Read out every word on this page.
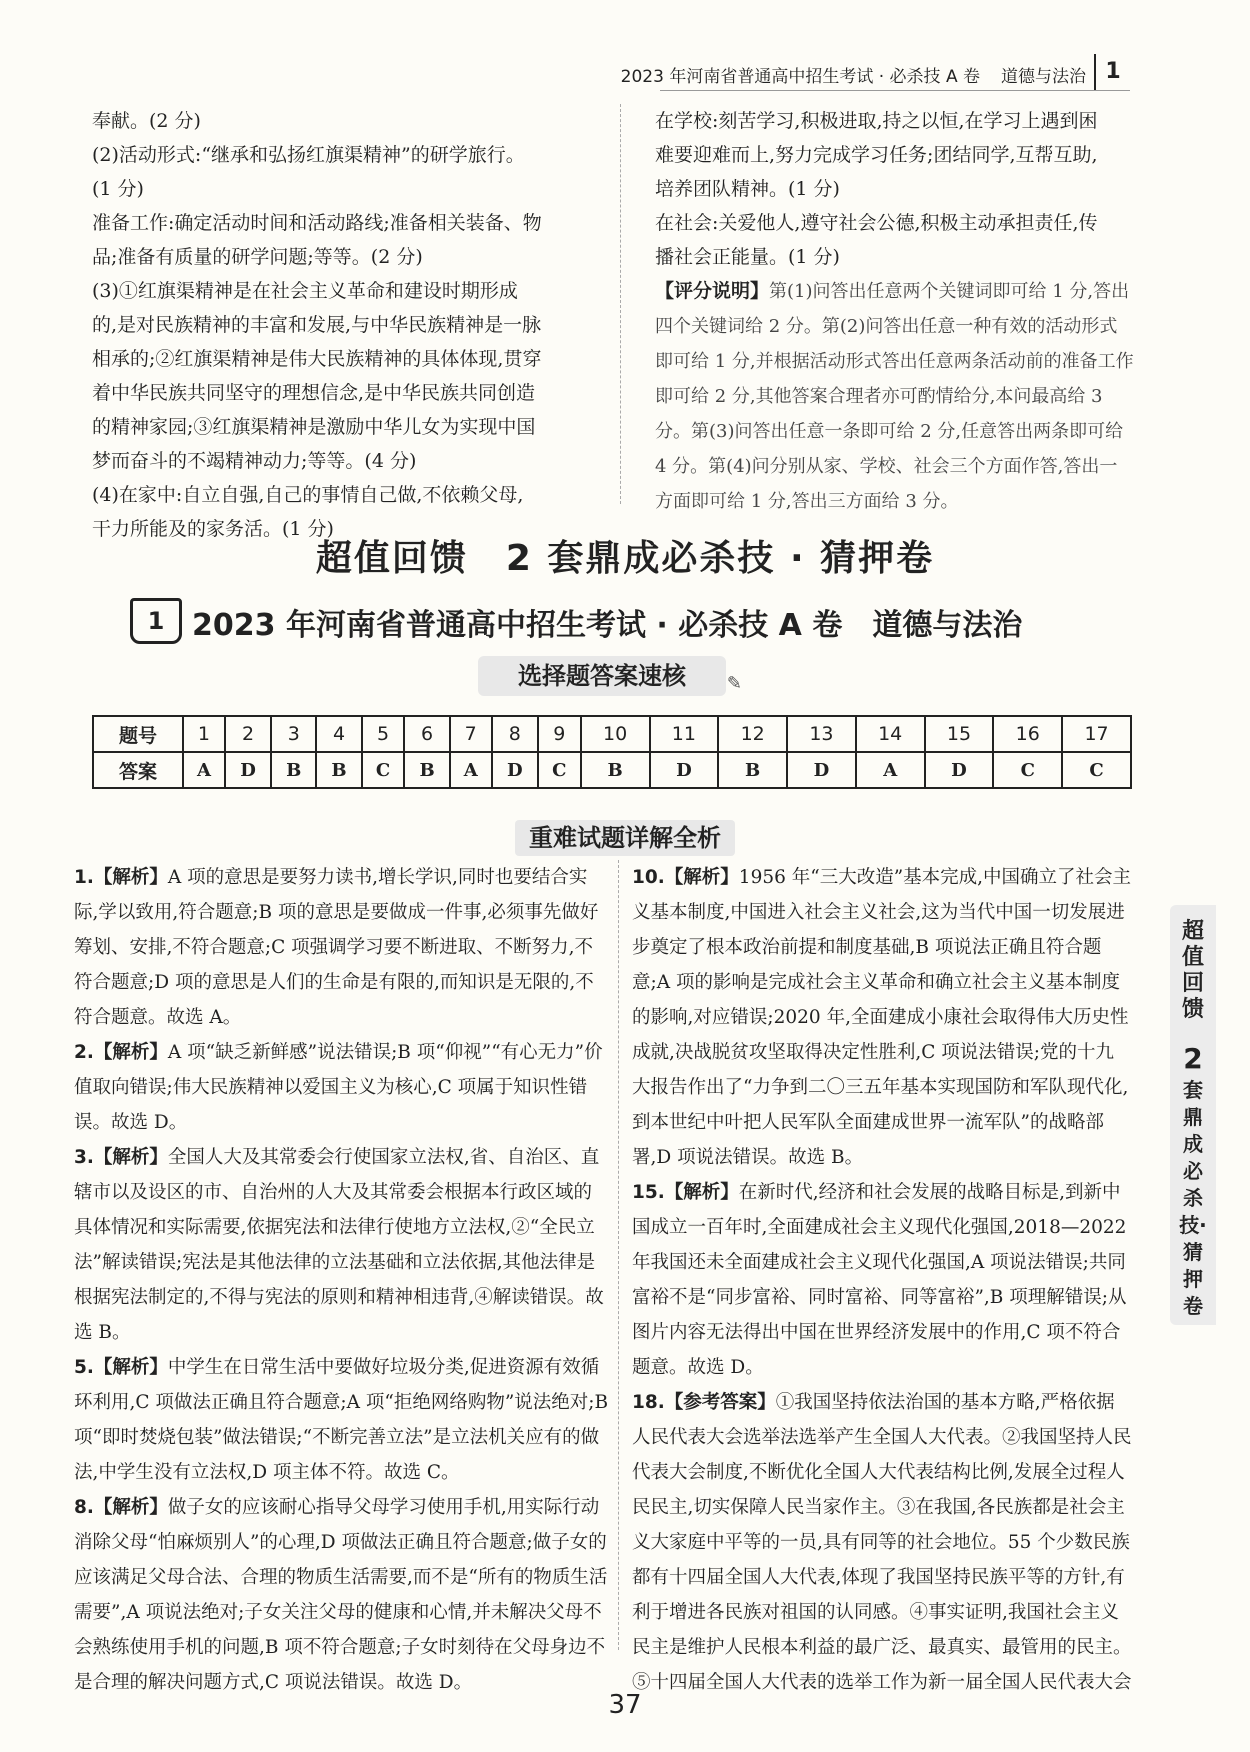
2023 年河南省普通高中招生考试 · 必杀技 A 卷 道德与法治 1

奉献。(2 分)

(2)活动形式:“继承和弘扬红旗渠精神”的研学旅行。

(1 分)

准备工作:确定活动时间和活动路线;准备相关装备、物

品;准备有质量的研学问题;等等。(2 分)

(3)①红旗渠精神是在社会主义革命和建设时期形成

的,是对民族精神的丰富和发展,与中华民族精神是一脉

相承的;②红旗渠精神是伟大民族精神的具体体现,贯穿

着中华民族共同坚守的理想信念,是中华民族共同创造

的精神家园;③红旗渠精神是激励中华儿女为实现中国

梦而奋斗的不竭精神动力;等等。(4 分)

(4)在家中:自立自强,自己的事情自己做,不依赖父母,

干力所能及的家务活。(1 分)

在学校:刻苦学习,积极进取,持之以恒,在学习上遇到困

难要迎难而上,努力完成学习任务;团结同学,互帮互助,

培养团队精神。(1 分)

在社会:关爱他人,遵守社会公德,积极主动承担责任,传

播社会正能量。(1 分)

【评分说明】第(1)问答出任意两个关键词即可给 1 分,答出四个关键词给 2 分。第(2)问答出任意一种有效的活动形式即可给 1 分,并根据活动形式答出任意两条活动前的准备工作即可给 2 分,其他答案合理者亦可酌情给分,本问最高给 3 分。第(3)问答出任意一条即可给 2 分,任意答出两条即可给 4 分。第(4)问分别从家、学校、社会三个方面作答,答出一方面即可给 1 分,答出三方面给 3 分。

超值回馈　2 套鼎成必杀技 · 猜押卷
1 2023 年河南省普通高中招生考试 · 必杀技 A 卷　道德与法治
选择题答案速核 ✎
题号	1	2	3	4	5	6	7	8	9	10	11	12	13	14	15	16	17
答案	A	D	B	B	C	B	A	D	C	B	D	B	D	A	D	C	C
重难试题详解全析

1.【解析】A 项的意思是要努力读书,增长学识,同时也要结合实际,学以致用,符合题意;B 项的意思是要做成一件事,必须事先做好筹划、安排,不符合题意;C 项强调学习要不断进取、不断努力,不符合题意;D 项的意思是人们的生命是有限的,而知识是无限的,不符合题意。故选 A。

2.【解析】A 项“缺乏新鲜感”说法错误;B 项“仰视”“有心无力”价值取向错误;伟大民族精神以爱国主义为核心,C 项属于知识性错误。故选 D。

3.【解析】全国人大及其常委会行使国家立法权,省、自治区、直辖市以及设区的市、自治州的人大及其常委会根据本行政区域的具体情况和实际需要,依据宪法和法律行使地方立法权,②“全民立法”解读错误;宪法是其他法律的立法基础和立法依据,其他法律是根据宪法制定的,不得与宪法的原则和精神相违背,④解读错误。故选 B。

5.【解析】中学生在日常生活中要做好垃圾分类,促进资源有效循环利用,C 项做法正确且符合题意;A 项“拒绝网络购物”说法绝对;B 项“即时焚烧包装”做法错误;“不断完善立法”是立法机关应有的做法,中学生没有立法权,D 项主体不符。故选 C。

8.【解析】做子女的应该耐心指导父母学习使用手机,用实际行动消除父母“怕麻烦别人”的心理,D 项做法正确且符合题意;做子女的应该满足父母合法、合理的物质生活需要,而不是“所有的物质生活需要”,A 项说法绝对;子女关注父母的健康和心情,并未解决父母不会熟练使用手机的问题,B 项不符合题意;子女时刻待在父母身边不是合理的解决问题方式,C 项说法错误。故选 D。

10.【解析】1956 年“三大改造”基本完成,中国确立了社会主义基本制度,中国进入社会主义社会,这为当代中国一切发展进步奠定了根本政治前提和制度基础,B 项说法正确且符合题意;A 项的影响是完成社会主义革命和确立社会主义基本制度的影响,对应错误;2020 年,全面建成小康社会取得伟大历史性成就,决战脱贫攻坚取得决定性胜利,C 项说法错误;党的十九大报告作出了“力争到二〇三五年基本实现国防和军队现代化,到本世纪中叶把人民军队全面建成世界一流军队”的战略部署,D 项说法错误。故选 B。

15.【解析】在新时代,经济和社会发展的战略目标是,到新中国成立一百年时,全面建成社会主义现代化强国,2018—2022 年我国还未全面建成社会主义现代化强国,A 项说法错误;共同富裕不是“同步富裕、同时富裕、同等富裕”,B 项理解错误;从图片内容无法得出中国在世界经济发展中的作用,C 项不符合题意。故选 D。

18.【参考答案】①我国坚持依法治国的基本方略,严格依据人民代表大会选举法选举产生全国人大代表。②我国坚持人民代表大会制度,不断优化全国人大代表结构比例,发展全过程人民民主,切实保障人民当家作主。③在我国,各民族都是社会主义大家庭中平等的一员,具有同等的社会地位。55 个少数民族都有十四届全国人大代表,体现了我国坚持民族平等的方针,有利于增进各民族对祖国的认同感。④事实证明,我国社会主义民主是维护人民根本利益的最广泛、最真实、最管用的民主。⑤十四届全国人大代表的选举工作为新一届全国人民代表大会

超值回馈
2
套鼎成必杀技·猜押卷
37
